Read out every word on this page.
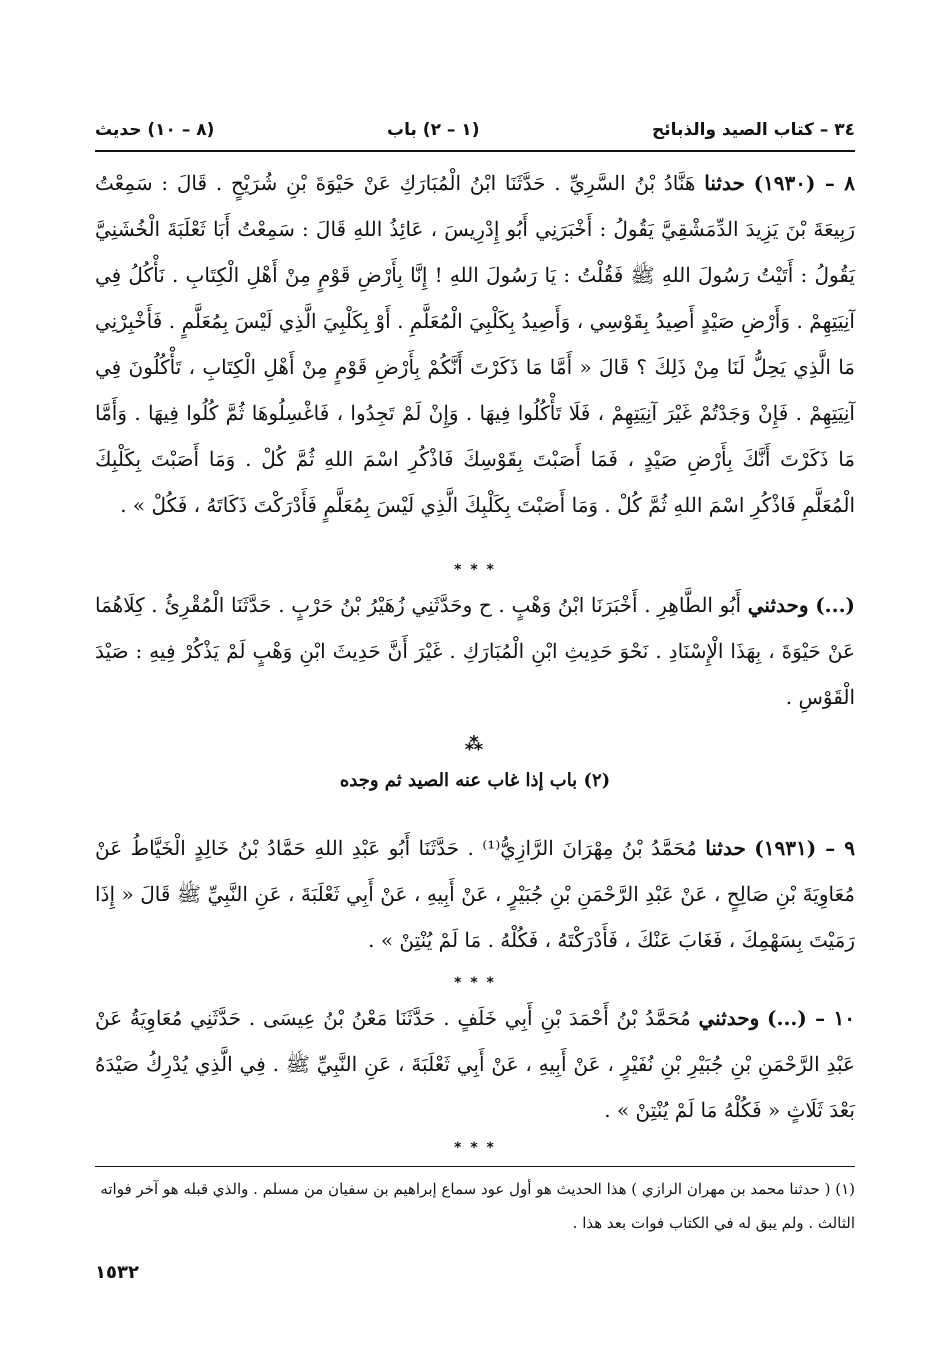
٣٤ – كتاب الصيد والذبائح
(١ – ٢) باب
(٨ – ١٠) حديث
٨ – (١٩٣٠) حدثنا هَنَّادُ بْنُ السَّرِيِّ . حَدَّثَنَا ابْنُ الْمُبَارَكِ عَنْ حَيْوَةَ بْنِ شُرَيْحٍ . قَالَ : سَمِعْتُ رَبِيعَةَ بْنَ يَزِيدَ الدِّمَشْقِيَّ يَقُولُ : أَخْبَرَنِي أَبُو إِدْرِيسَ ، عَائِذُ اللهِ قَالَ : سَمِعْتُ أَبَا ثَعْلَبَةَ الْخُشَنِيَّ يَقُولُ : أَتَيْتُ رَسُولَ اللهِ ﷺ فَقُلْتُ : يَا رَسُولَ اللهِ ! إِنَّا بِأَرْضِ قَوْمٍ مِنْ أَهْلِ الْكِتَابِ . نَأْكُلُ فِي آنِيَتِهِمْ . وَأَرْضِ صَيْدٍ أَصِيدُ بِقَوْسِي ، وَأَصِيدُ بِكَلْبِيَ الْمُعَلَّمِ . أَوْ بِكَلْبِيَ الَّذِي لَيْسَ بِمُعَلَّمٍ . فَأَخْبِرْنِي مَا الَّذِي يَحِلُّ لَنَا مِنْ ذَلِكَ ؟ قَالَ « أَمَّا مَا ذَكَرْتَ أَنَّكُمْ بِأَرْضِ قَوْمٍ مِنْ أَهْلِ الْكِتَابِ ، تَأْكُلُونَ فِي آنِيَتِهِمْ . فَإِنْ وَجَدْتُمْ غَيْرَ آنِيَتِهِمْ ، فَلَا تَأْكُلُوا فِيهَا . وَإِنْ لَمْ تَجِدُوا ، فَاغْسِلُوهَا ثُمَّ كُلُوا فِيهَا . وَأَمَّا مَا ذَكَرْتَ أَنَّكَ بِأَرْضِ صَيْدٍ ، فَمَا أَصَبْتَ بِقَوْسِكَ فَاذْكُرِ اسْمَ اللهِ ثُمَّ كُلْ . وَمَا أَصَبْتَ بِكَلْبِكَ الْمُعَلَّمِ فَاذْكُرِ اسْمَ اللهِ ثُمَّ كُلْ . وَمَا أَصَبْتَ بِكَلْبِكَ الَّذِي لَيْسَ بِمُعَلَّمٍ فَأَدْرَكْتَ ذَكَاتَهُ ، فَكُلْ » .
* * *
(...) وحدثني أَبُو الطَّاهِرِ . أَخْبَرَنَا ابْنُ وَهْبٍ . ح وحَدَّثَنِي زُهَيْرُ بْنُ حَرْبٍ . حَدَّثَنَا الْمُقْرِئُ . كِلَاهُمَا عَنْ حَيْوَةَ ، بِهَذَا الْإِسْنَادِ . نَحْوَ حَدِيثِ ابْنِ الْمُبَارَكِ . غَيْرَ أَنَّ حَدِيثَ ابْنِ وَهْبٍ لَمْ يَذْكُرْ فِيهِ : صَيْدَ الْقَوْسِ .
⁂
(٢) باب إذا غاب عنه الصيد ثم وجده
٩ – (١٩٣١) حدثنا مُحَمَّدُ بْنُ مِهْرَانَ الرَّازِيُّ⁽¹⁾ . حَدَّثَنَا أَبُو عَبْدِ اللهِ حَمَّادُ بْنُ خَالِدٍ الْخَيَّاطُ عَنْ مُعَاوِيَةَ بْنِ صَالِحٍ ، عَنْ عَبْدِ الرَّحْمَنِ بْنِ جُبَيْرٍ ، عَنْ أَبِيهِ ، عَنْ أَبِي ثَعْلَبَةَ ، عَنِ النَّبِيِّ ﷺ قَالَ « إِذَا رَمَيْتَ بِسَهْمِكَ ، فَغَابَ عَنْكَ ، فَأَدْرَكْتَهُ ، فَكُلْهُ . مَا لَمْ يُنْتِنْ » .
* * *
١٠ – (...) وحدثني مُحَمَّدُ بْنُ أَحْمَدَ بْنِ أَبِي خَلَفٍ . حَدَّثَنَا مَعْنُ بْنُ عِيسَى . حَدَّثَنِي مُعَاوِيَةُ عَنْ عَبْدِ الرَّحْمَنِ بْنِ جُبَيْرِ بْنِ نُفَيْرٍ ، عَنْ أَبِيهِ ، عَنْ أَبِي ثَعْلَبَةَ ، عَنِ النَّبِيِّ ﷺ . فِي الَّذِي يُدْرِكُ صَيْدَهُ بَعْدَ ثَلَاثٍ « فَكُلْهُ مَا لَمْ يُنْتِنْ » .
* * *
(١) ( حدثنا محمد بن مهران الرازي ) هذا الحديث هو أول عود سماع إبراهيم بن سفيان من مسلم . والذي قبله هو آخر فواته الثالث . ولم يبق له في الكتاب فوات بعد هذا .
١٥٣٢
